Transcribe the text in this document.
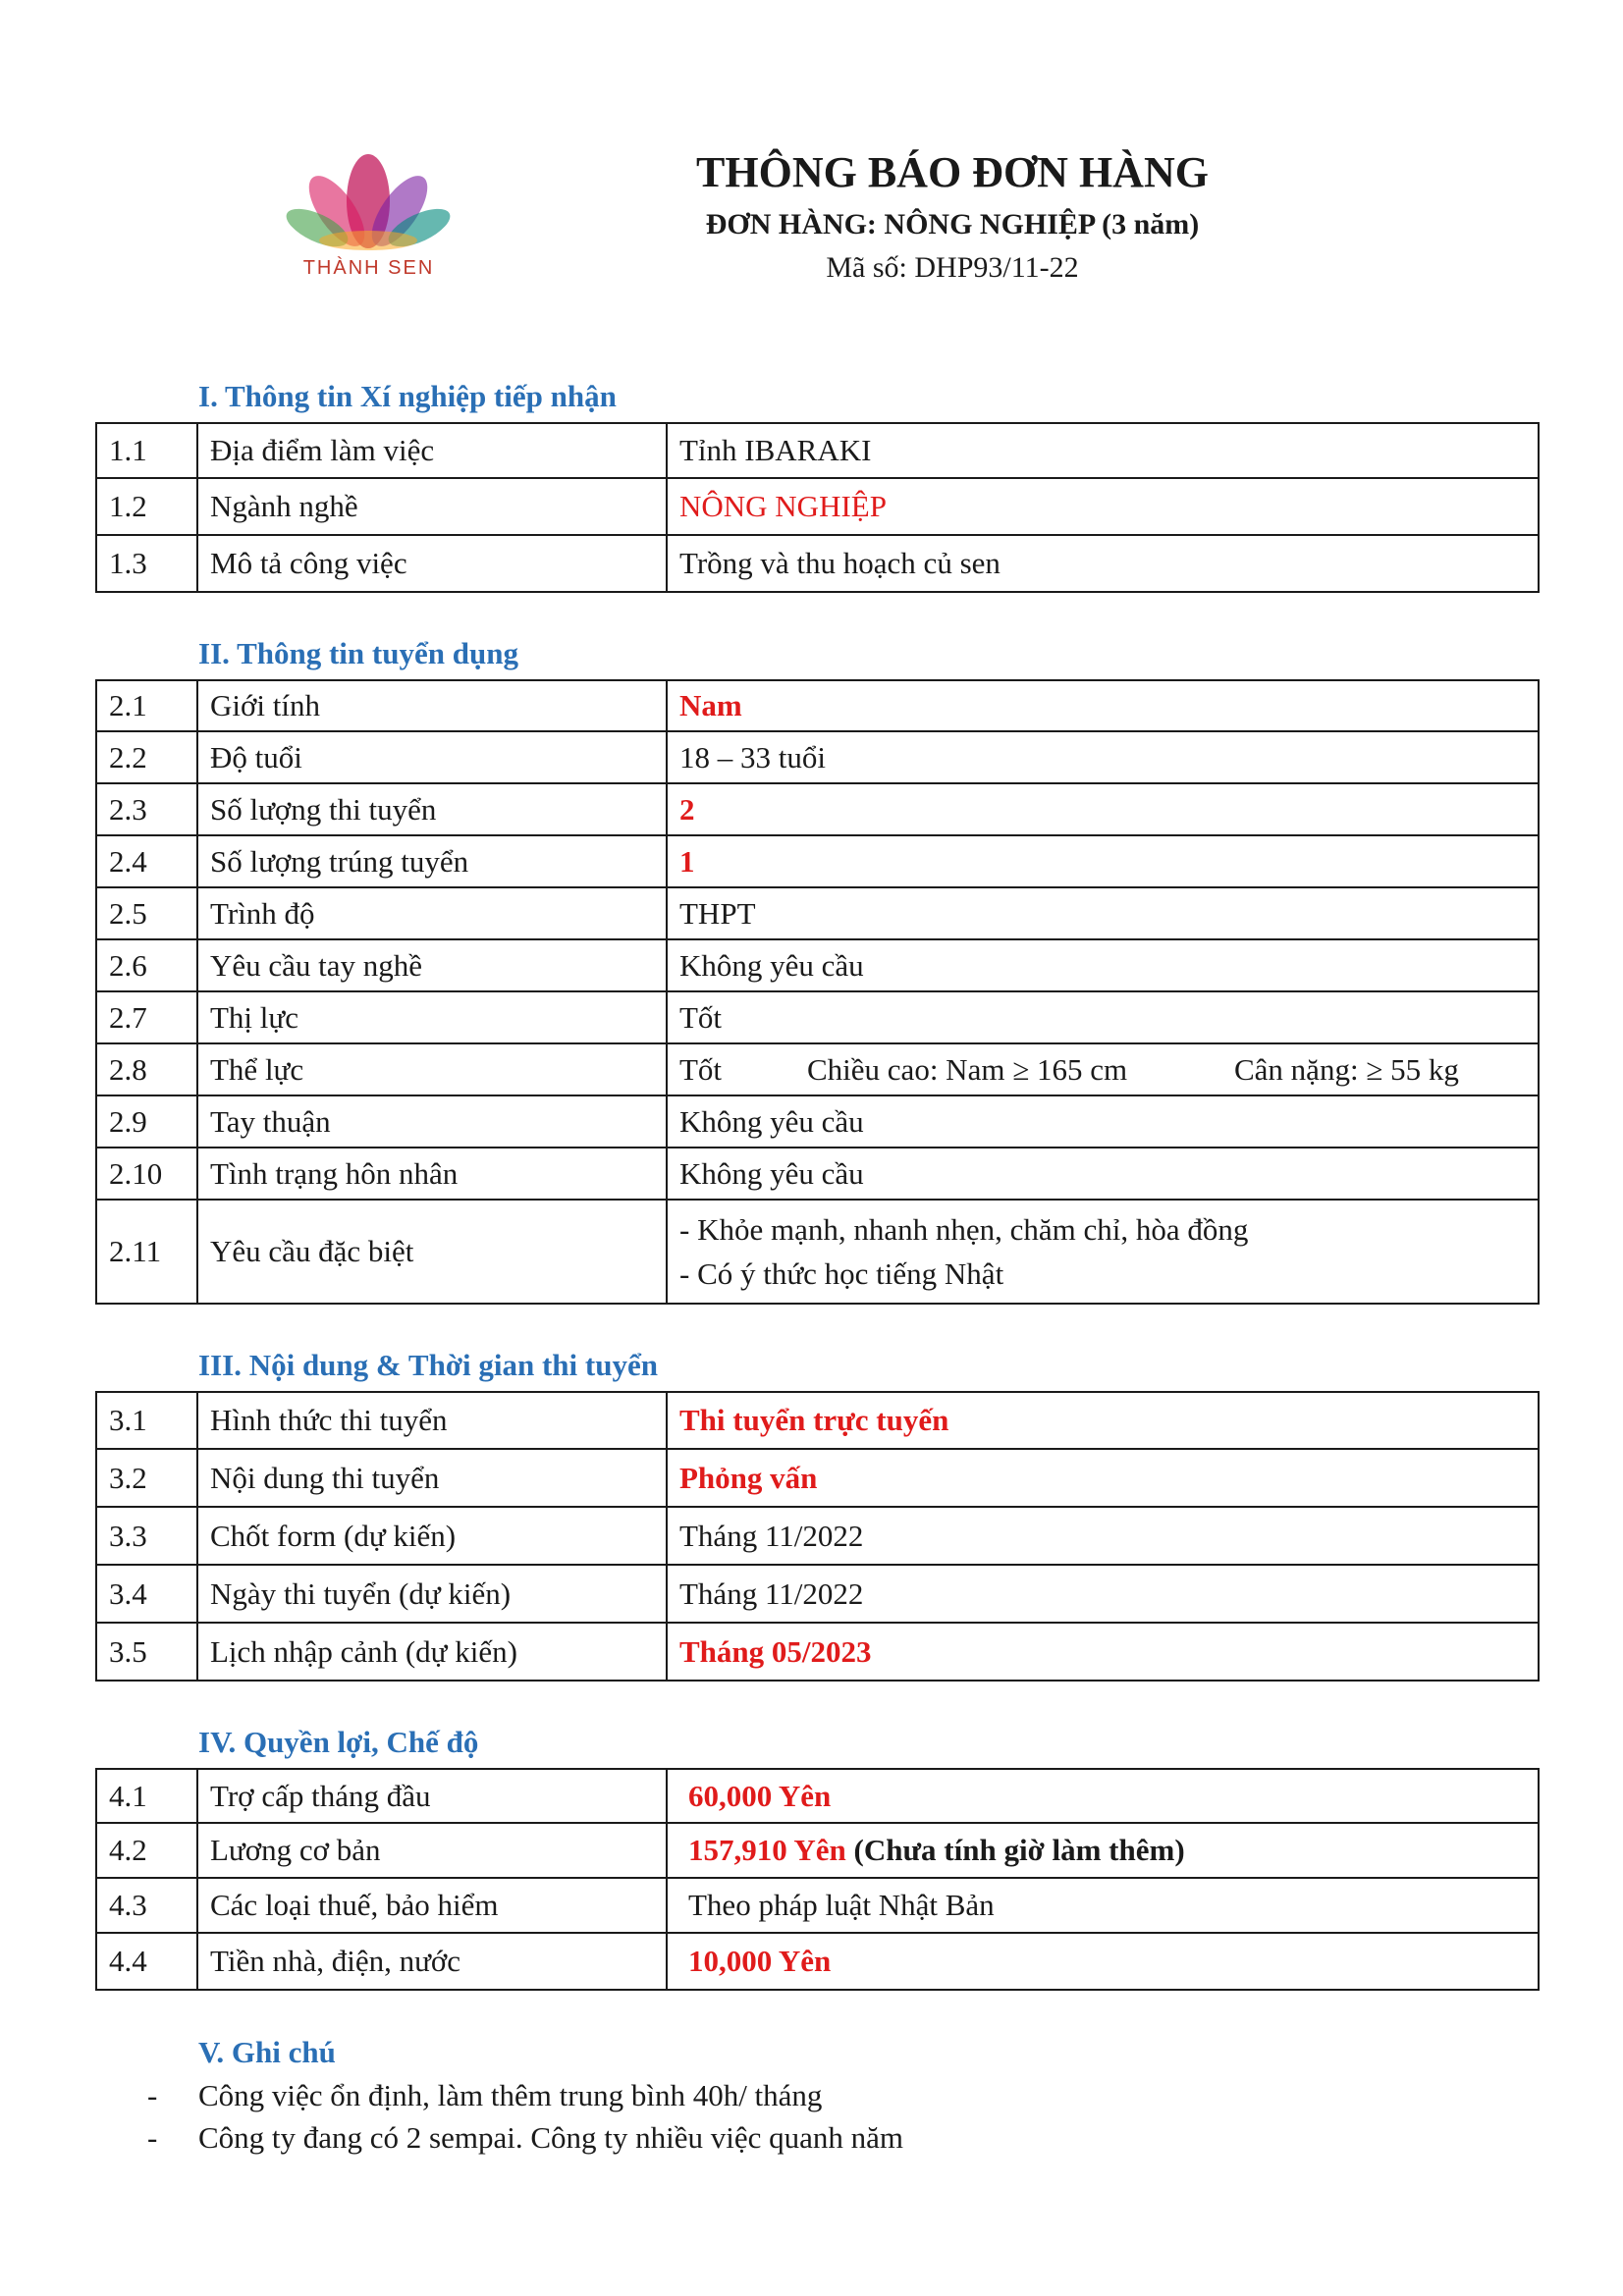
THÀNH SEN
THÔNG BÁO ĐƠN HÀNG
ĐƠN HÀNG: NÔNG NGHIỆP (3 năm)
Mã số: DHP93/11-22
I. Thông tin Xí nghiệp tiếp nhận
1.1	Địa điểm làm việc	Tỉnh IBARAKI
1.2	Ngành nghề	NÔNG NGHIỆP
1.3	Mô tả công việc	Trồng và thu hoạch củ sen
II. Thông tin tuyển dụng
2.1	Giới tính	Nam
2.2	Độ tuổi	18 – 33 tuổi
2.3	Số lượng thi tuyển	2
2.4	Số lượng trúng tuyển	1
2.5	Trình độ	THPT
2.6	Yêu cầu tay nghề	Không yêu cầu
2.7	Thị lực	Tốt
2.8	Thể lực	Tốt Chiều cao: Nam ≥ 165 cm Cân nặng: ≥ 55 kg
2.9	Tay thuận	Không yêu cầu
2.10	Tình trạng hôn nhân	Không yêu cầu
2.11	Yêu cầu đặc biệt	- Khỏe mạnh, nhanh nhẹn, chăm chỉ, hòa đồng
- Có ý thức học tiếng Nhật
III. Nội dung & Thời gian thi tuyển
3.1	Hình thức thi tuyển	Thi tuyển trực tuyến
3.2	Nội dung thi tuyển	Phỏng vấn
3.3	Chốt form (dự kiến)	Tháng 11/2022
3.4	Ngày thi tuyển (dự kiến)	Tháng 11/2022
3.5	Lịch nhập cảnh (dự kiến)	Tháng 05/2023
IV. Quyền lợi, Chế độ
4.1	Trợ cấp tháng đầu	60,000 Yên
4.2	Lương cơ bản	157,910 Yên (Chưa tính giờ làm thêm)
4.3	Các loại thuế, bảo hiểm	Theo pháp luật Nhật Bản
4.4	Tiền nhà, điện, nước	10,000 Yên
V. Ghi chú
- Công việc ổn định, làm thêm trung bình 40h/ tháng
- Công ty đang có 2 sempai. Công ty nhiều việc quanh năm
